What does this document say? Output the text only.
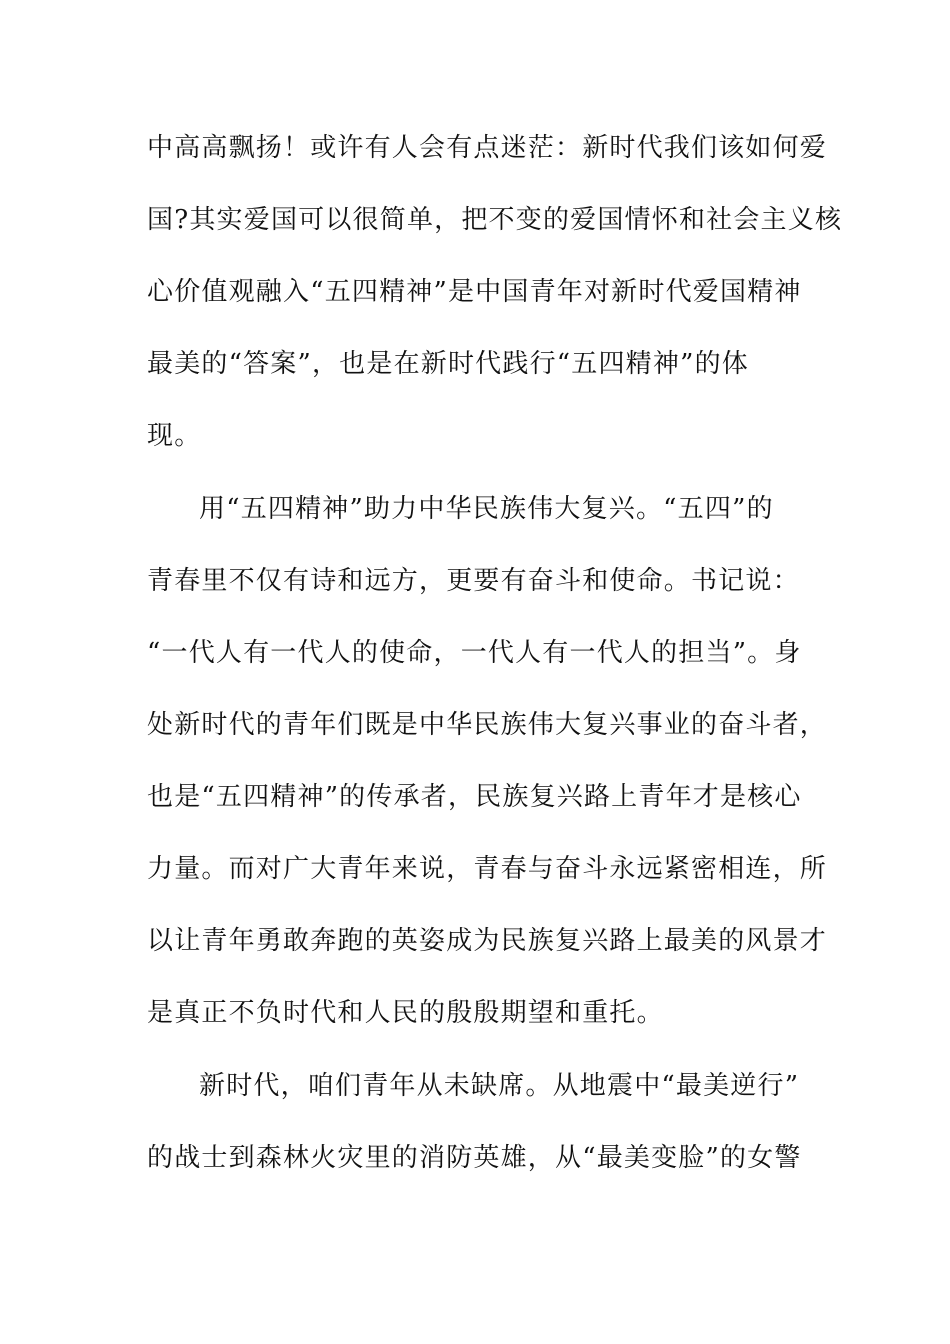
中高高飘扬！或许有人会有点迷茫：新时代我们该如何爱
国?其实爱国可以很简单，把不变的爱国情怀和社会主义核
心价值观融入“五四精神”是中国青年对新时代爱国精神
最美的“答案”，也是在新时代践行“五四精神”的体
现。
用“五四精神”助力中华民族伟大复兴。“五四”的
青春里不仅有诗和远方，更要有奋斗和使命。书记说：
“一代人有一代人的使命，一代人有一代人的担当”。身
处新时代的青年们既是中华民族伟大复兴事业的奋斗者，
也是“五四精神”的传承者，民族复兴路上青年才是核心
力量。而对广大青年来说，青春与奋斗永远紧密相连，所
以让青年勇敢奔跑的英姿成为民族复兴路上最美的风景才
是真正不负时代和人民的殷殷期望和重托。
新时代，咱们青年从未缺席。从地震中“最美逆行”
的战士到森林火灾里的消防英雄，从“最美变脸”的女警
